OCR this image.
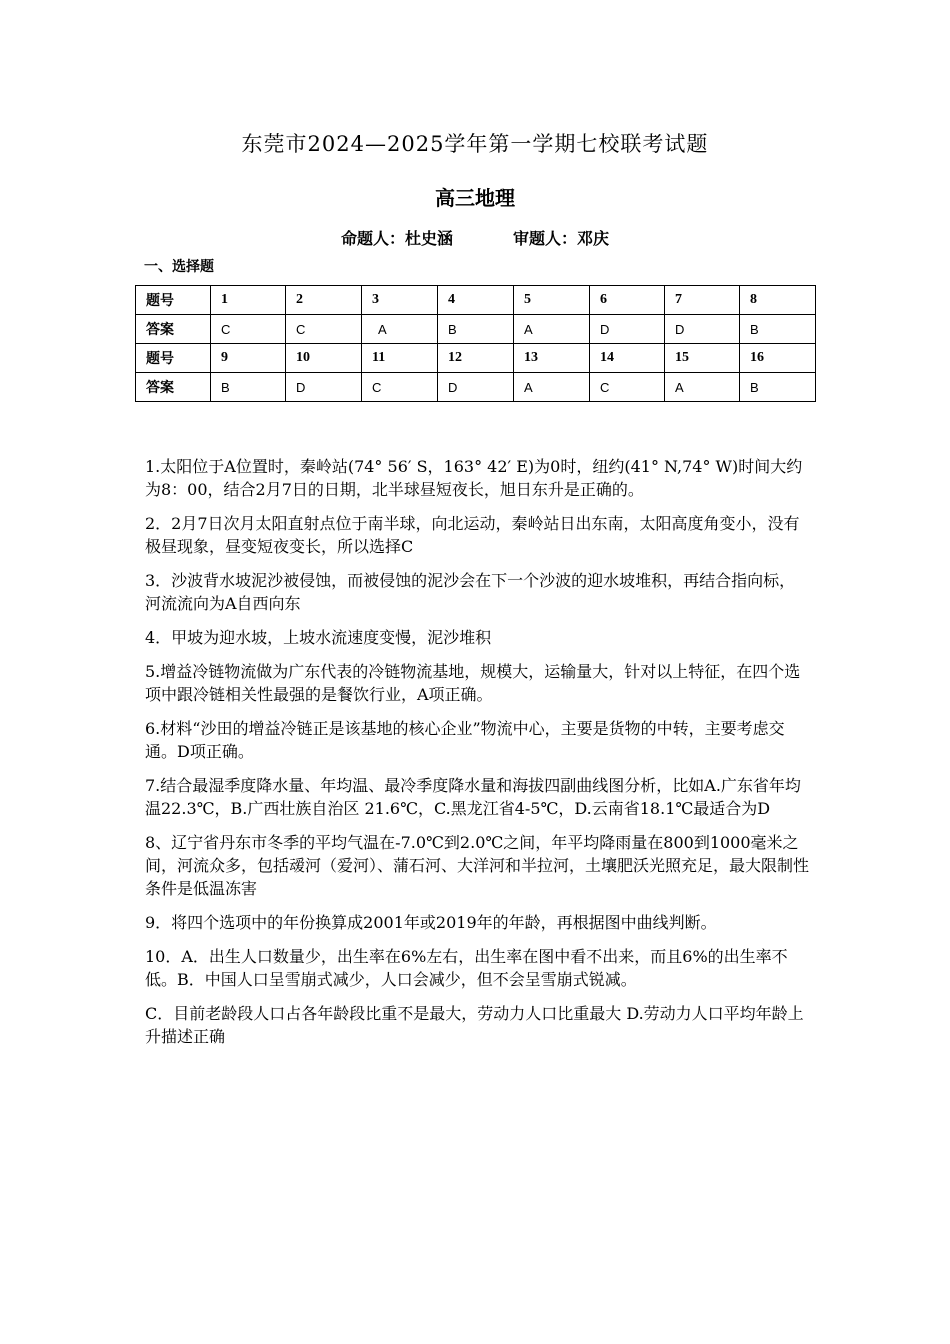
东莞市2024—2025学年第一学期七校联考试题
高三地理
命题人：杜史涵	审题人：邓庆
一、选择题
题号	1	2	3	4	5	6	7	8
答案	C	C	A	B	A	D	D	B
题号	9	10	11	12	13	14	15	16
答案	B	D	C	D	A	C	A	B

1.太阳位于A位置时，秦岭站(74° 56′ S，163° 42′ E)为0时，纽约(41° N,74° W)时间大约为8：00，结合2月7日的日期，北半球昼短夜长，旭日东升是正确的。

2．2月7日次月太阳直射点位于南半球，向北运动，秦岭站日出东南，太阳高度角变小，没有极昼现象，昼变短夜变长，所以选择C

3．沙波背水坡泥沙被侵蚀，而被侵蚀的泥沙会在下一个沙波的迎水坡堆积，再结合指向标，河流流向为A自西向东

4．甲坡为迎水坡，上坡水流速度变慢，泥沙堆积

5.增益冷链物流做为广东代表的冷链物流基地，规模大，运输量大，针对以上特征，在四个选项中跟冷链相关性最强的是餐饮行业，A项正确。

6.材料“沙田的增益冷链正是该基地的核心企业”物流中心，主要是货物的中转，主要考虑交通。D项正确。

7.结合最湿季度降水量、年均温、最冷季度降水量和海拔四副曲线图分析，比如A.广东省年均温22.3℃，B.广西壮族自治区 21.6℃，C.黑龙江省4-5℃，D.云南省18.1℃最适合为D

8、辽宁省丹东市冬季的平均气温在-7.0℃到2.0℃之间，年平均降雨量在800到1000毫米之间，河流众多，包括叆河（爱河）、蒲石河、大洋河和半拉河，土壤肥沃光照充足，最大限制性条件是低温冻害

9．将四个选项中的年份换算成2001年或2019年的年龄，再根据图中曲线判断。

10．A．出生人口数量少，出生率在6%左右，出生率在图中看不出来，而且6%的出生率不低。B．中国人口呈雪崩式减少，人口会减少，但不会呈雪崩式锐减。

C．目前老龄段人口占各年龄段比重不是最大，劳动力人口比重最大 D.劳动力人口平均年龄上升描述正确
